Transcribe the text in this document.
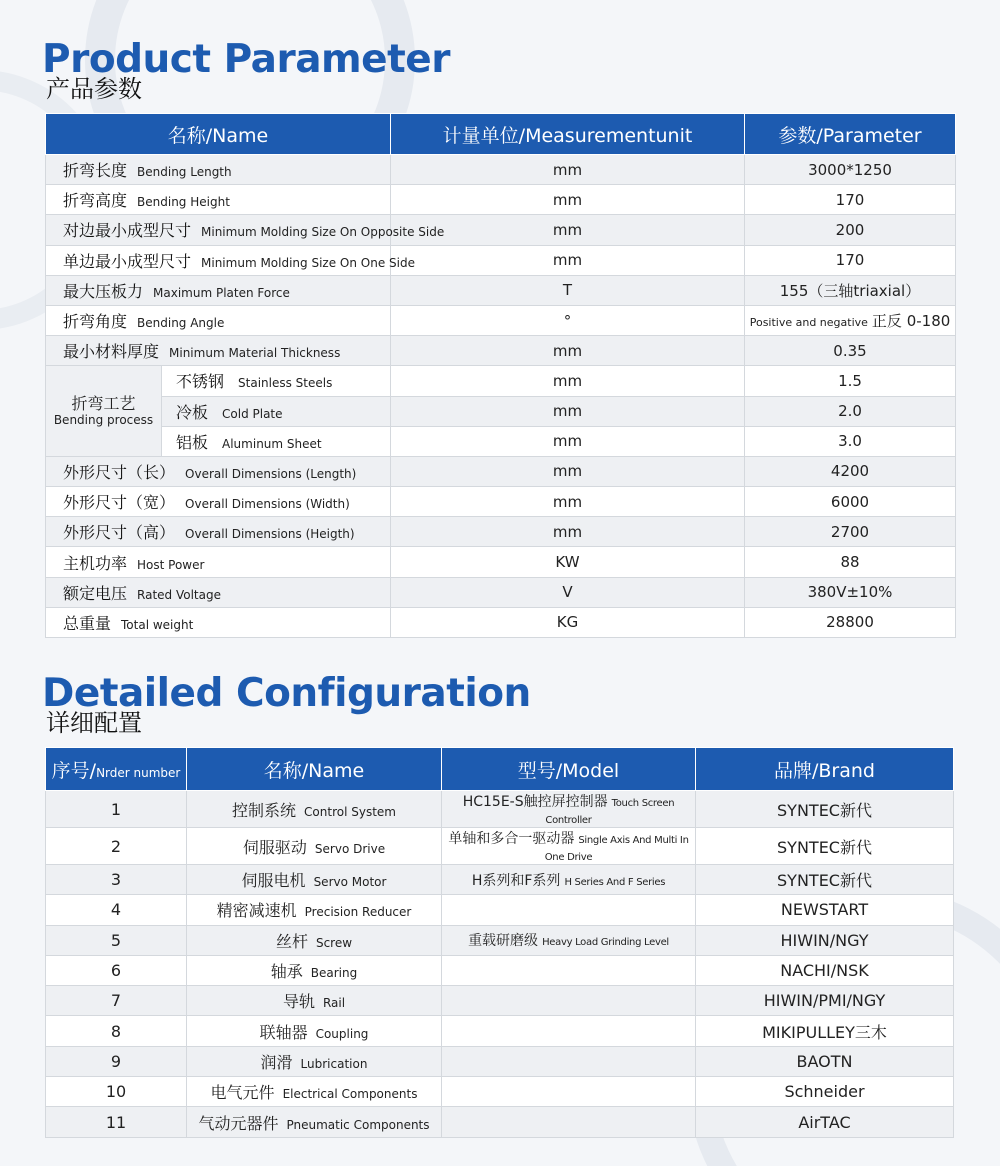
Product Parameter
产品参数
名称/Name		计量单位/Measurementunit	参数/Parameter
折弯长度 Bending Length		mm	3000*1250
折弯高度 Bending Height		mm	170
对边最小成型尺寸 Minimum Molding Size On Opposite Side		mm	200
单边最小成型尺寸 Minimum Molding Size On One Side		mm	170
最大压板力 Maximum Platen Force		T	155（三轴triaxial）
折弯角度 Bending Angle		°	Positive and negative 正反 0-180
最小材料厚度 Minimum Material Thickness		mm	0.35

折弯工艺
Bending process	不锈钢 Stainless Steels	mm	1.5
	冷板 Cold Plate	mm	2.0
	铝板 Aluminum Sheet	mm	3.0
外形尺寸（长） Overall Dimensions (Length)		mm	4200
外形尺寸（宽） Overall Dimensions (Width)		mm	6000
外形尺寸（高） Overall Dimensions (Heigth)		mm	2700
主机功率 Host Power		KW	88
额定电压 Rated Voltage		V	380V±10%
总重量 Total weight		KG	28800
Detailed Configuration
详细配置
序号/Nrder number	名称/Name	型号/Model	品牌/Brand
1	控制系统 Control System	HC15E-S触控屏控制器 Touch Screen Controller	SYNTEC新代
2	伺服驱动 Servo Drive	单轴和多合一驱动器 Single Axis And Multi In One Drive	SYNTEC新代
3	伺服电机 Servo Motor	H系列和F系列 H Series And F Series	SYNTEC新代
4	精密减速机 Precision Reducer		NEWSTART
5	丝杆 Screw	重载研磨级 Heavy Load Grinding Level	HIWIN/NGY
6	轴承 Bearing		NACHI/NSK
7	导轨 Rail		HIWIN/PMI/NGY
8	联轴器 Coupling		MIKIPULLEY三木
9	润滑 Lubrication		BAOTN
10	电气元件 Electrical Components		Schneider
11	气动元器件 Pneumatic Components		AirTAC
